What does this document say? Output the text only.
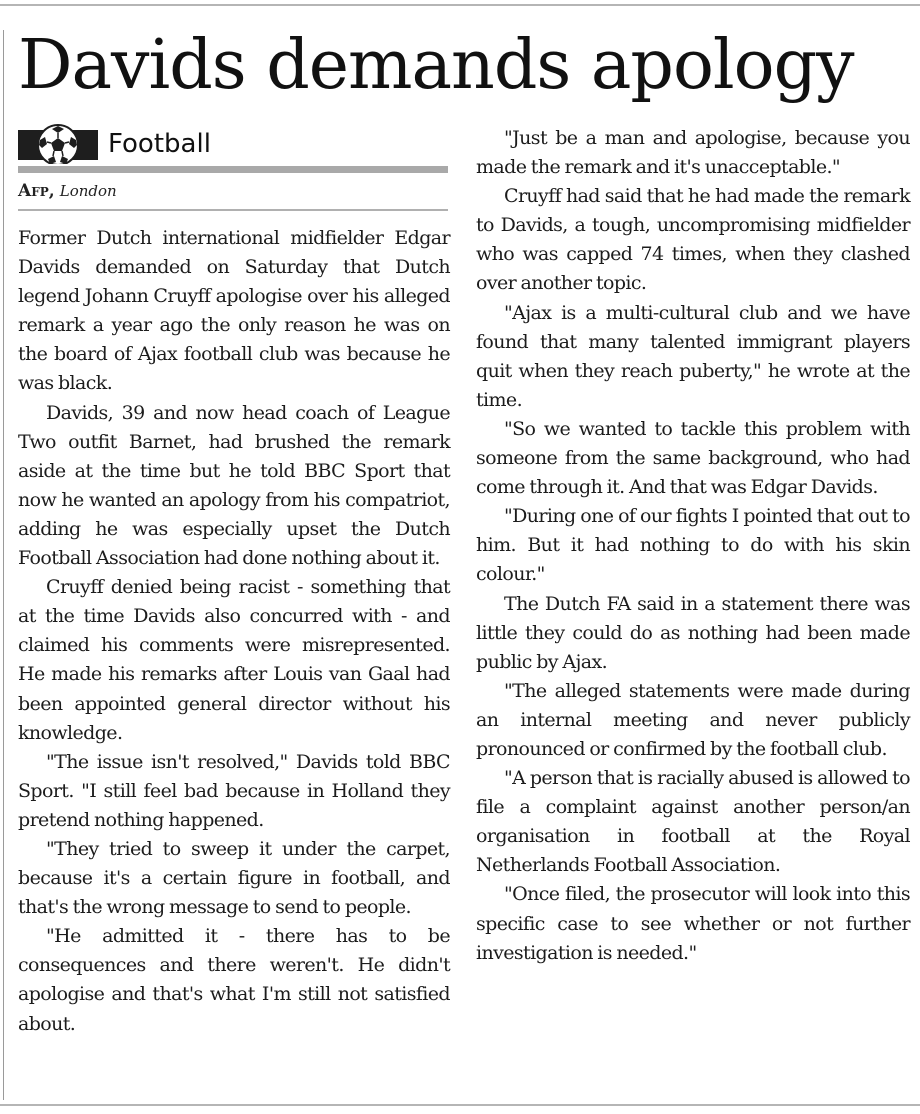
Davids demands apology
Football
Afp, London

Former Dutch international midfielder Edgar Davids demanded on Saturday that Dutch legend Johann Cruyff apologise over his alleged remark a year ago the only reason he was on the board of Ajax football club was because he was black.

Davids, 39 and now head coach of League Two outfit Barnet, had brushed the remark aside at the time but he told BBC Sport that now he wanted an apology from his compatriot, adding he was especially upset the Dutch Football Association had done nothing about it.

Cruyff denied being racist - something that at the time Davids also concurred with - and claimed his comments were misrepresented. He made his remarks after Louis van Gaal had been appointed general director without his knowledge.

"The issue isn't resolved," Davids told BBC Sport. "I still feel bad because in Holland they pretend nothing happened.

"They tried to sweep it under the carpet, because it's a certain figure in football, and that's the wrong message to send to people.

"He admitted it - there has to be consequences and there weren't. He didn't apologise and that's what I'm still not satisfied about.

"Just be a man and apologise, because you made the remark and it's unacceptable."

Cruyff had said that he had made the remark to Davids, a tough, uncompromising midfielder who was capped 74 times, when they clashed over another topic.

"Ajax is a multi-cultural club and we have found that many talented immigrant players quit when they reach puberty," he wrote at the time.

"So we wanted to tackle this problem with someone from the same background, who had come through it. And that was Edgar Davids.

"During one of our fights I pointed that out to him. But it had nothing to do with his skin colour."

The Dutch FA said in a statement there was little they could do as nothing had been made public by Ajax.

"The alleged statements were made during an internal meeting and never publicly pronounced or confirmed by the football club.

"A person that is racially abused is allowed to file a complaint against another person/an organisation in football at the Royal Netherlands Football Association.

"Once filed, the prosecutor will look into this specific case to see whether or not further investigation is needed."
